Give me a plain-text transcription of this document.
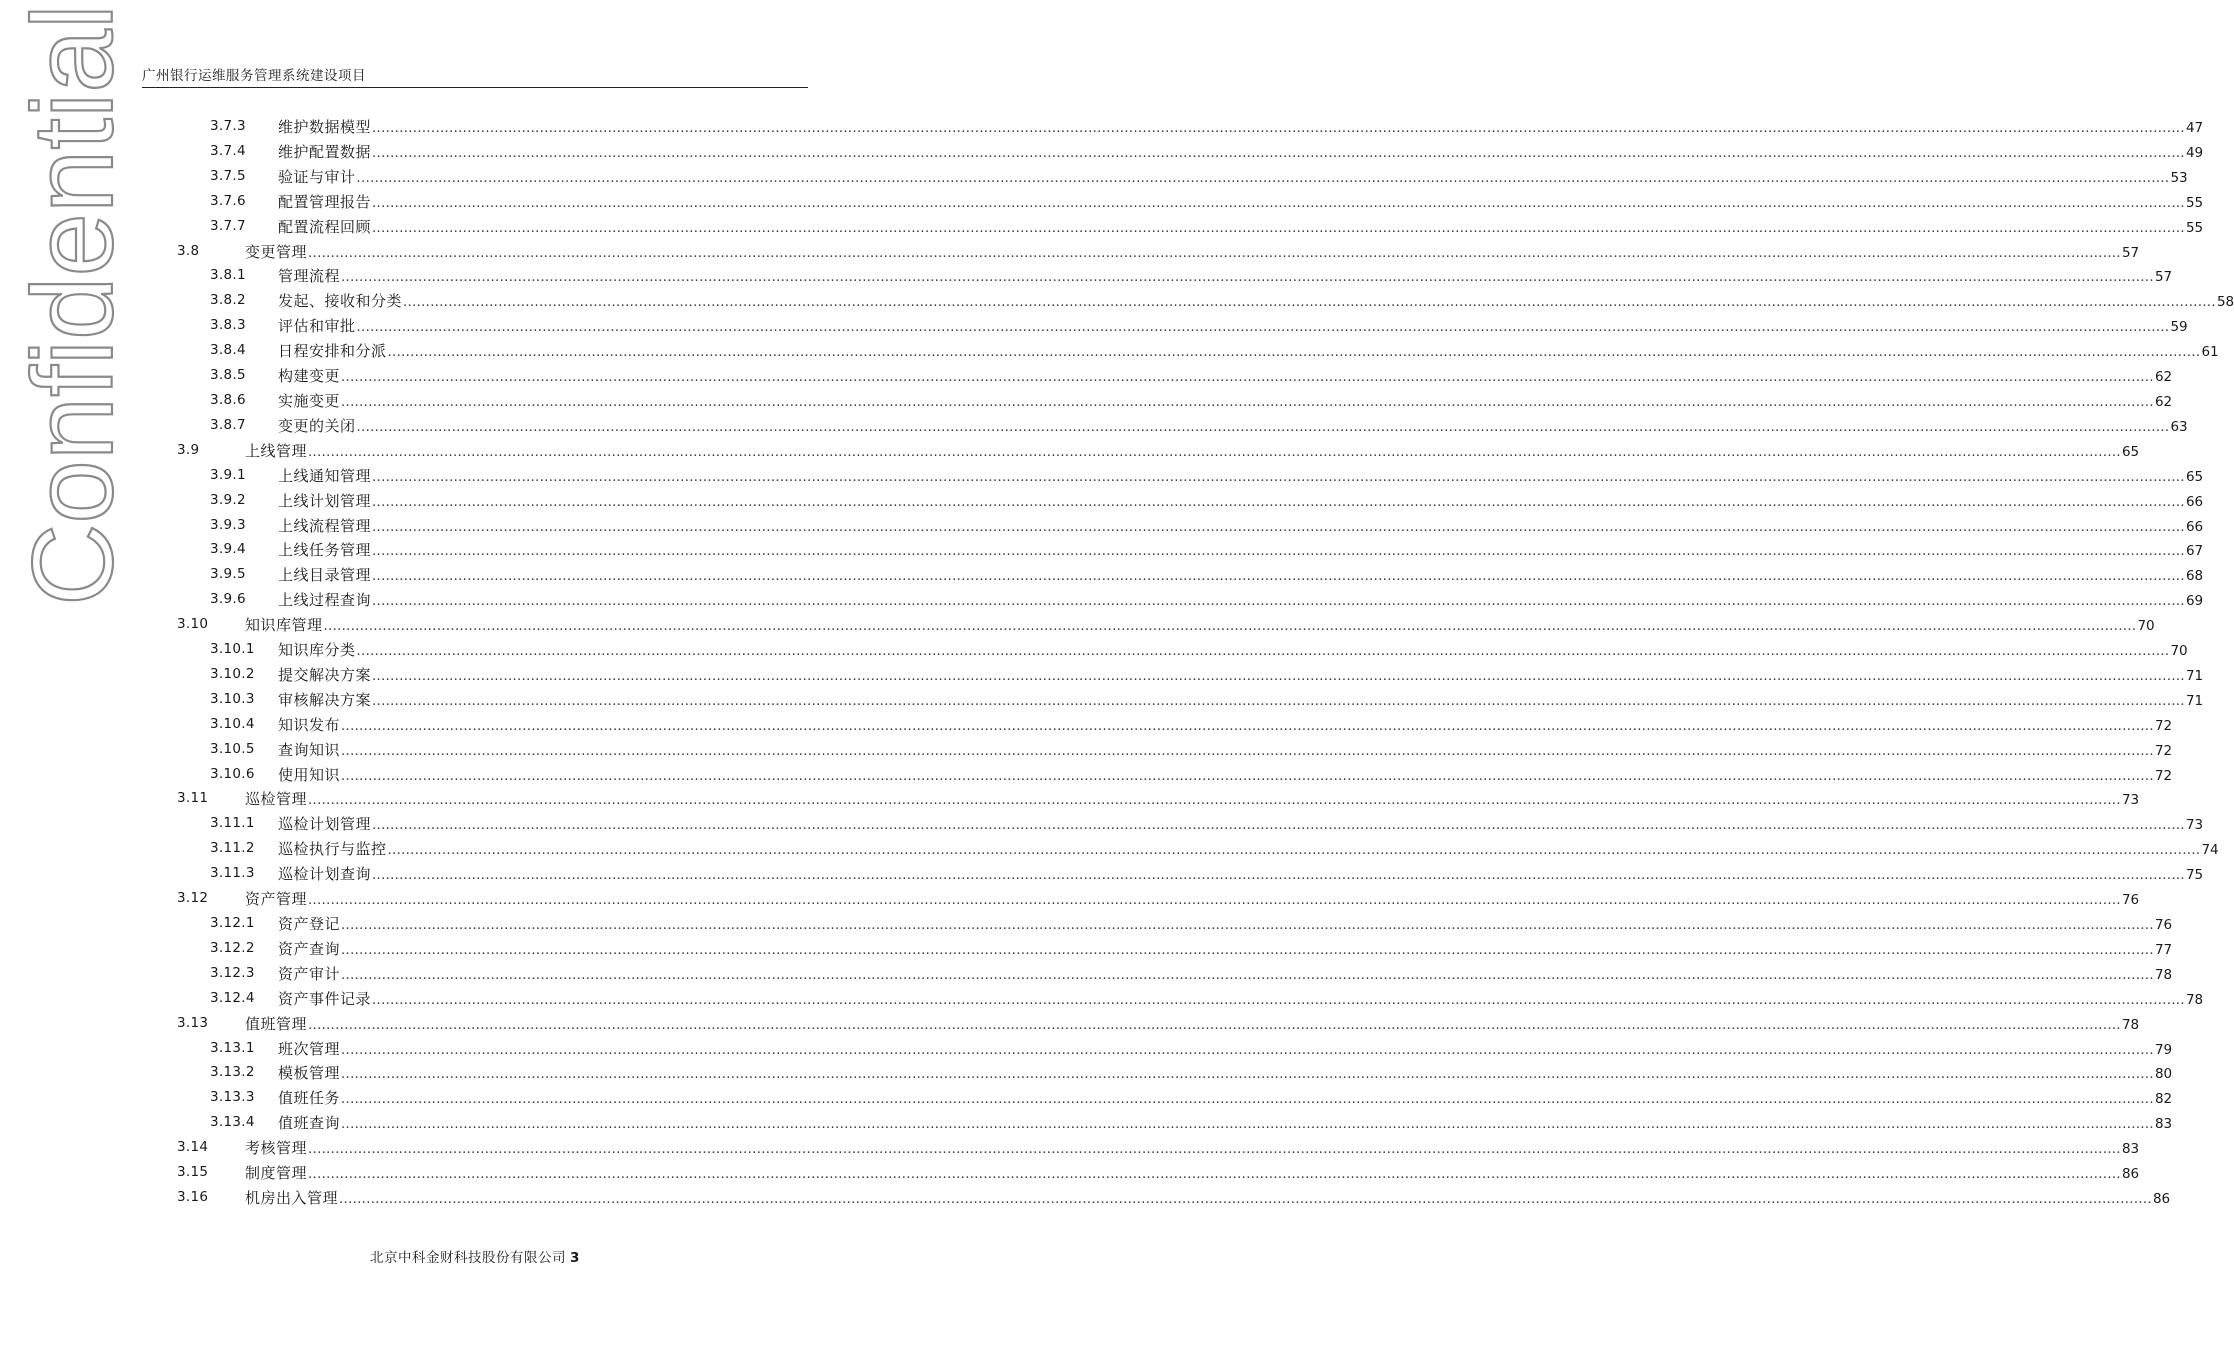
Confidential 广州银行运维服务管理系统建设项目
3.7.3 维护数据模型 ................................................................................................................................................................................................................................................................................................................................................................................................................ 47
3.7.4 维护配置数据 ................................................................................................................................................................................................................................................................................................................................................................................................................ 49
3.7.5 验证与审计 ................................................................................................................................................................................................................................................................................................................................................................................................................ 53
3.7.6 配置管理报告 ................................................................................................................................................................................................................................................................................................................................................................................................................ 55
3.7.7 配置流程回顾 ................................................................................................................................................................................................................................................................................................................................................................................................................ 55
3.8	变更管理 ................................................................................................................................................................................................................................................................................................................................................................................................................ 57
3.8.1 管理流程 ................................................................................................................................................................................................................................................................................................................................................................................................................ 57
3.8.2 发起、接收和分类 ................................................................................................................................................................................................................................................................................................................................................................................................................ 58
3.8.3 评估和审批 ................................................................................................................................................................................................................................................................................................................................................................................................................ 59
3.8.4 日程安排和分派 ................................................................................................................................................................................................................................................................................................................................................................................................................ 61
3.8.5 构建变更 ................................................................................................................................................................................................................................................................................................................................................................................................................ 62
3.8.6 实施变更 ................................................................................................................................................................................................................................................................................................................................................................................................................ 62
3.8.7 变更的关闭 ................................................................................................................................................................................................................................................................................................................................................................................................................ 63
3.9	上线管理 ................................................................................................................................................................................................................................................................................................................................................................................................................ 65
3.9.1 上线通知管理 ................................................................................................................................................................................................................................................................................................................................................................................................................ 65
3.9.2 上线计划管理 ................................................................................................................................................................................................................................................................................................................................................................................................................ 66
3.9.3 上线流程管理 ................................................................................................................................................................................................................................................................................................................................................................................................................ 66
3.9.4 上线任务管理 ................................................................................................................................................................................................................................................................................................................................................................................................................ 67
3.9.5 上线目录管理 ................................................................................................................................................................................................................................................................................................................................................................................................................ 68
3.9.6 上线过程查询 ................................................................................................................................................................................................................................................................................................................................................................................................................ 69
3.10 知识库管理 ................................................................................................................................................................................................................................................................................................................................................................................................................ 70
3.10.1 知识库分类 ................................................................................................................................................................................................................................................................................................................................................................................................................ 70
3.10.2 提交解决方案 ................................................................................................................................................................................................................................................................................................................................................................................................................ 71
3.10.3 审核解决方案 ................................................................................................................................................................................................................................................................................................................................................................................................................ 71
3.10.4 知识发布 ................................................................................................................................................................................................................................................................................................................................................................................................................ 72
3.10.5 查询知识 ................................................................................................................................................................................................................................................................................................................................................................................................................ 72
3.10.6 使用知识 ................................................................................................................................................................................................................................................................................................................................................................................................................ 72
3.11 巡检管理 ................................................................................................................................................................................................................................................................................................................................................................................................................ 73
3.11.1 巡检计划管理 ................................................................................................................................................................................................................................................................................................................................................................................................................ 73
3.11.2 巡检执行与监控 ................................................................................................................................................................................................................................................................................................................................................................................................................ 74
3.11.3 巡检计划查询 ................................................................................................................................................................................................................................................................................................................................................................................................................ 75
3.12 资产管理 ................................................................................................................................................................................................................................................................................................................................................................................................................ 76
3.12.1 资产登记 ................................................................................................................................................................................................................................................................................................................................................................................................................ 76
3.12.2 资产查询 ................................................................................................................................................................................................................................................................................................................................................................................................................ 77
3.12.3 资产审计 ................................................................................................................................................................................................................................................................................................................................................................................................................ 78
3.12.4 资产事件记录 ................................................................................................................................................................................................................................................................................................................................................................................................................ 78
3.13 值班管理 ................................................................................................................................................................................................................................................................................................................................................................................................................ 78
3.13.1 班次管理 ................................................................................................................................................................................................................................................................................................................................................................................................................ 79
3.13.2 模板管理 ................................................................................................................................................................................................................................................................................................................................................................................................................ 80
3.13.3 值班任务 ................................................................................................................................................................................................................................................................................................................................................................................................................ 82
3.13.4 值班查询 ................................................................................................................................................................................................................................................................................................................................................................................................................ 83
3.14 考核管理 ................................................................................................................................................................................................................................................................................................................................................................................................................ 83
3.15 制度管理 ................................................................................................................................................................................................................................................................................................................................................................................................................ 86
3.16 机房出入管理 ................................................................................................................................................................................................................................................................................................................................................................................................................ 86
北京中科金财科技股份有限公司 3
